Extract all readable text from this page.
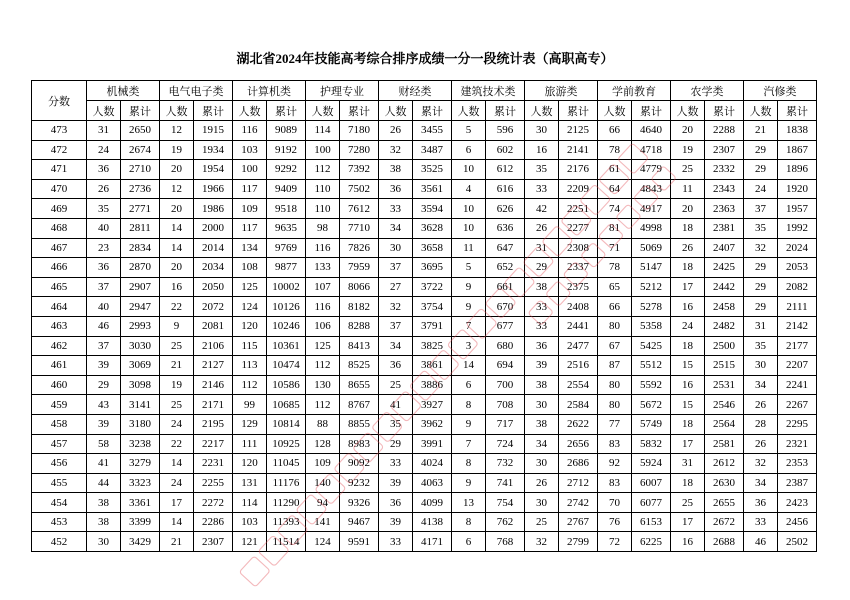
湖北省2024年技能高考综合排序成绩一分一段统计表（高职高专）
分数	机械类		电气电子类		计算机类		护理专业		财经类		建筑技术类		旅游类		学前教育		农学类		汽修类	
	人数	累计	人数	累计	人数	累计	人数	累计	人数	累计	人数	累计	人数	累计	人数	累计	人数	累计	人数	累计
473	31	2650	12	1915	116	9089	114	7180	26	3455	5	596	30	2125	66	4640	20	2288	21	1838
472	24	2674	19	1934	103	9192	100	7280	32	3487	6	602	16	2141	78	4718	19	2307	29	1867
471	36	2710	20	1954	100	9292	112	7392	38	3525	10	612	35	2176	61	4779	25	2332	29	1896
470	26	2736	12	1966	117	9409	110	7502	36	3561	4	616	33	2209	64	4843	11	2343	24	1920
469	35	2771	20	1986	109	9518	110	7612	33	3594	10	626	42	2251	74	4917	20	2363	37	1957
468	40	2811	14	2000	117	9635	98	7710	34	3628	10	636	26	2277	81	4998	18	2381	35	1992
467	23	2834	14	2014	134	9769	116	7826	30	3658	11	647	31	2308	71	5069	26	2407	32	2024
466	36	2870	20	2034	108	9877	133	7959	37	3695	5	652	29	2337	78	5147	18	2425	29	2053
465	37	2907	16	2050	125	10002	107	8066	27	3722	9	661	38	2375	65	5212	17	2442	29	2082
464	40	2947	22	2072	124	10126	116	8182	32	3754	9	670	33	2408	66	5278	16	2458	29	2111
463	46	2993	9	2081	120	10246	106	8288	37	3791	7	677	33	2441	80	5358	24	2482	31	2142
462	37	3030	25	2106	115	10361	125	8413	34	3825	3	680	36	2477	67	5425	18	2500	35	2177
461	39	3069	21	2127	113	10474	112	8525	36	3861	14	694	39	2516	87	5512	15	2515	30	2207
460	29	3098	19	2146	112	10586	130	8655	25	3886	6	700	38	2554	80	5592	16	2531	34	2241
459	43	3141	25	2171	99	10685	112	8767	41	3927	8	708	30	2584	80	5672	15	2546	26	2267
458	39	3180	24	2195	129	10814	88	8855	35	3962	9	717	38	2622	77	5749	18	2564	28	2295
457	58	3238	22	2217	111	10925	128	8983	29	3991	7	724	34	2656	83	5832	17	2581	26	2321
456	41	3279	14	2231	120	11045	109	9092	33	4024	8	732	30	2686	92	5924	31	2612	32	2353
455	44	3323	24	2255	131	11176	140	9232	39	4063	9	741	26	2712	83	6007	18	2630	34	2387
454	38	3361	17	2272	114	11290	94	9326	36	4099	13	754	30	2742	70	6077	25	2655	36	2423
453	38	3399	14	2286	103	11393	141	9467	39	4138	8	762	25	2767	76	6153	17	2672	33	2456
452	30	3429	21	2307	121	11514	124	9591	33	4171	6	768	32	2799	72	6225	16	2688	46	2502
